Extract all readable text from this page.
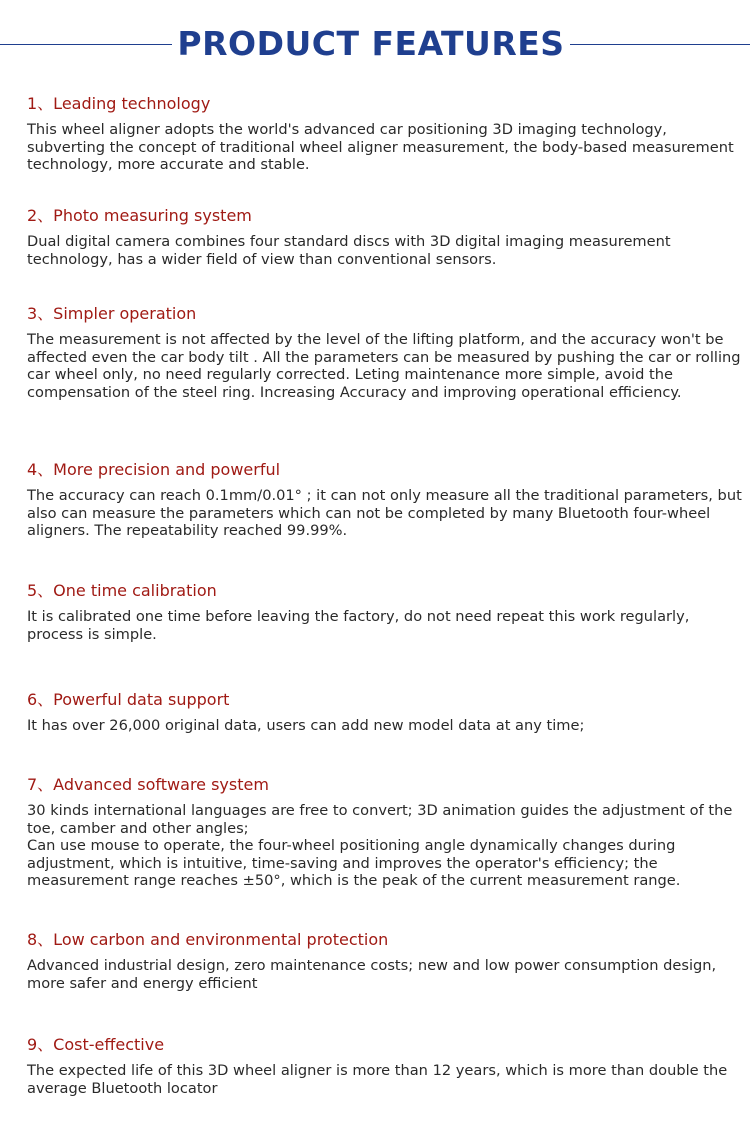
PRODUCT FEATURES

1、Leading technology

This wheel aligner adopts the world's advanced car positioning 3D imaging technology, subverting the concept of traditional wheel aligner measurement, the body-based measurement technology, more accurate and stable.

2、Photo measuring system

Dual digital camera combines four standard discs with 3D digital imaging measurement technology, has a wider field of view than conventional sensors.

3、Simpler operation

The measurement is not affected by the level of the lifting platform, and the accuracy won't be affected even the car body tilt . All the parameters can be measured by pushing the car or rolling car wheel only, no need regularly corrected. Leting maintenance more simple, avoid the compensation of the steel ring. Increasing Accuracy and improving operational efficiency.

4、More precision and powerful

The accuracy can reach 0.1mm/0.01° ; it can not only measure all the traditional parameters, but also can measure the parameters which can not be completed by many Bluetooth four-wheel aligners. The repeatability reached 99.99%.

5、One time calibration

It is calibrated one time before leaving the factory, do not need repeat this work regularly, process is simple.

6、Powerful data support

It has over 26,000 original data, users can add new model data at any time;

7、Advanced software system

30 kinds international languages are free to convert; 3D animation guides the adjustment of the toe, camber and other angles;

Can use mouse to operate, the four-wheel positioning angle dynamically changes during adjustment, which is intuitive, time-saving and improves the operator's efficiency; the measurement range reaches ±50°, which is the peak of the current measurement range.

8、Low carbon and environmental protection

Advanced industrial design, zero maintenance costs; new and low power consumption design, more safer and energy efficient

9、Cost-effective

The expected life of this 3D wheel aligner is more than 12 years, which is more than double the average Bluetooth locator
